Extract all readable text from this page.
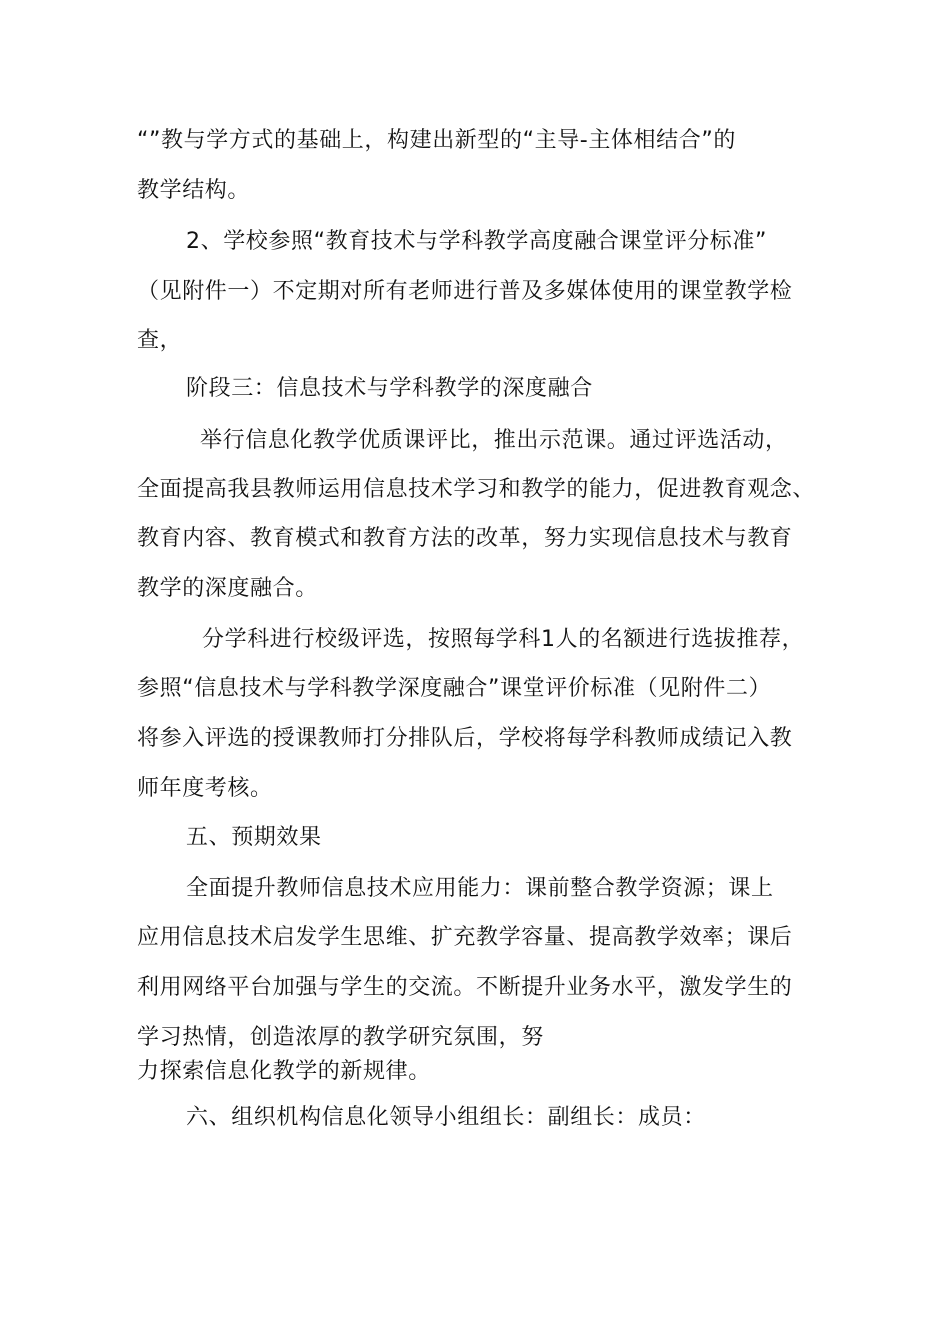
“”教与学方式的基础上，构建出新型的“主导-主体相结合”的
教学结构。
2、学校参照“教育技术与学科教学高度融合课堂评分标准”
（见附件一）不定期对所有老师进行普及多媒体使用的课堂教学检
查，
阶段三：信息技术与学科教学的深度融合
举行信息化教学优质课评比，推出示范课。通过评选活动，
全面提高我县教师运用信息技术学习和教学的能力，促进教育观念、
教育内容、教育模式和教育方法的改革，努力实现信息技术与教育
教学的深度融合。
分学科进行校级评选，按照每学科1人的名额进行选拔推荐，
参照“信息技术与学科教学深度融合”课堂评价标准（见附件二）
将参入评选的授课教师打分排队后，学校将每学科教师成绩记入教
师年度考核。
五、预期效果
全面提升教师信息技术应用能力：课前整合教学资源；课上
应用信息技术启发学生思维、扩充教学容量、提高教学效率；课后
利用网络平台加强与学生的交流。不断提升业务水平，激发学生的
学习热情，创造浓厚的教学研究氛围，努
力探索信息化教学的新规律。
六、组织机构信息化领导小组组长：副组长：成员：
